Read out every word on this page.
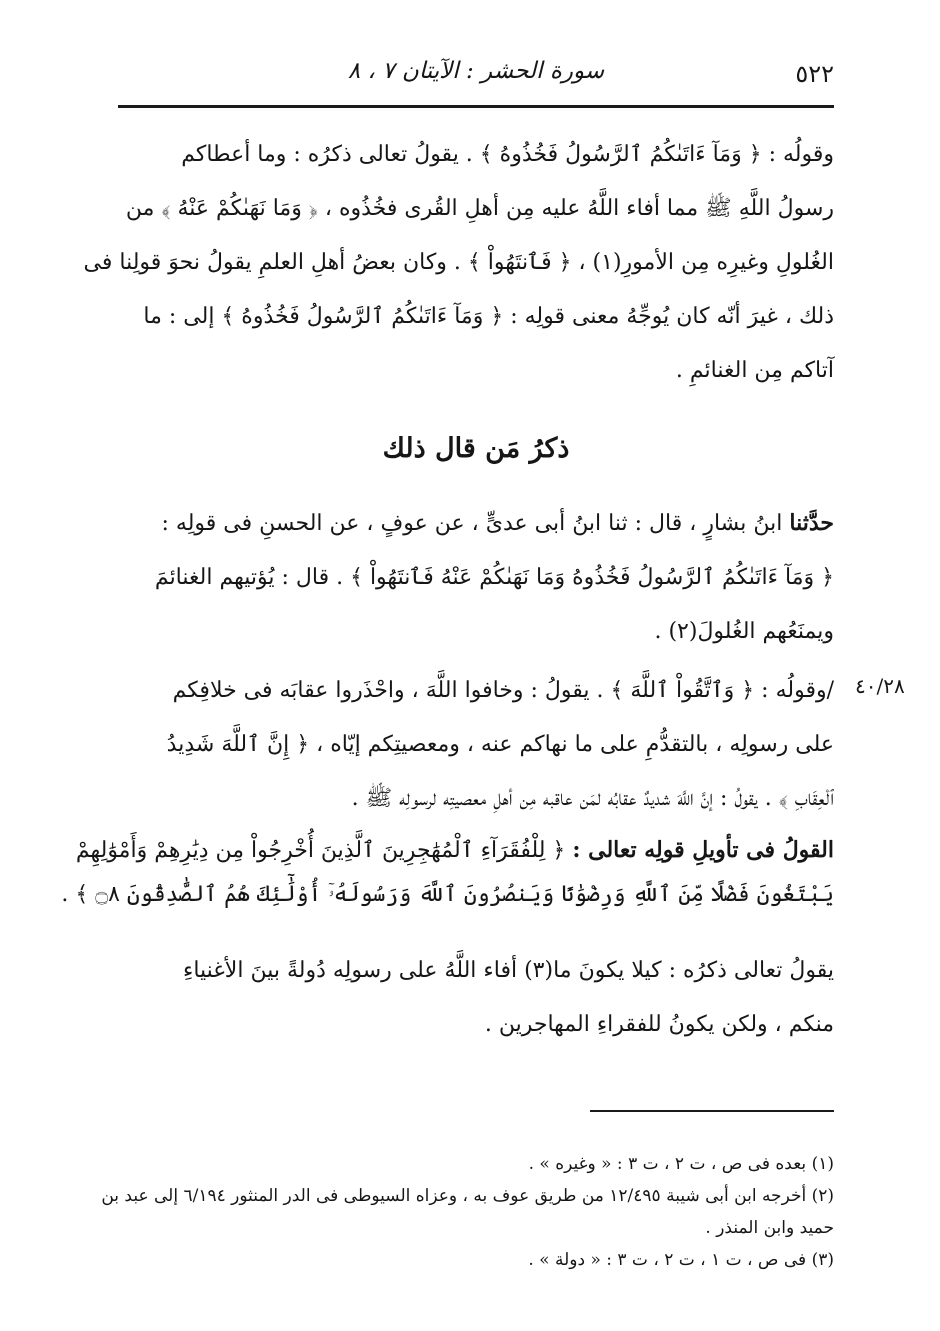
٥٢٢
سورة الحشر : الآيتان ٧ ، ٨
وقولُه : ﴿ وَمَآ ءَاتَىٰكُمُ ٱلرَّسُولُ فَخُذُوهُ ﴾ . يقولُ تعالى ذكرُه : وما أعطاكم
رسولُ اللَّهِ ﷺ مما أفاء اللَّهُ عليه مِن أهلِ القُرى فخُذُوه ، ﴿ وَمَا نَهَىٰكُمْ عَنْهُ ﴾ من
الغُلولِ وغيرِه مِن الأمورِ(١) ، ﴿ فَٱنتَهُواْ ﴾ . وكان بعضُ أهلِ العلمِ يقولُ نحوَ قولِنا فى
ذلك ، غيرَ أنّه كان يُوجِّهُ معنى قولِه : ﴿ وَمَآ ءَاتَىٰكُمُ ٱلرَّسُولُ فَخُذُوهُ ﴾ إلى : ما
آتاكم مِن الغنائمِ .
ذكرُ مَن قال ذلك
حدَّثنا ابنُ بشارٍ ، قال : ثنا ابنُ أبى عدىٍّ ، عن عوفٍ ، عن الحسنِ فى قولِه :
﴿ وَمَآ ءَاتَىٰكُمُ ٱلرَّسُولُ فَخُذُوهُ وَمَا نَهَىٰكُمْ عَنْهُ فَٱنتَهُواْ ﴾ . قال : يُؤتيهم الغنائمَ
ويمنَعُهم الغُلولَ(٢) .
٤٠/٢٨
/وقولُه : ﴿ وَٱتَّقُواْ ٱللَّهَ ﴾ . يقولُ : وخافوا اللَّهَ ، واحْذَروا عقابَه فى خلافِكم
على رسولِه ، بالتقدُّمِ على ما نهاكم عنه ، ومعصيتِكم إيّاه ، ﴿ إِنَّ ٱللَّهَ شَدِيدُ
ٱلْعِقَابِ ﴾ . يقولُ : إنَّ اللَّهَ شديدٌ عقابُه لمَن عاقبه مِن أهلِ معصيتِه لرسولِه ﷺ .
القولُ فى تأويلِ قولِه تعالى : ﴿ لِلْفُقَرَآءِ ٱلْمُهَٰجِرِينَ ٱلَّذِينَ أُخْرِجُواْ مِن دِيَٰرِهِمْ وَأَمْوَٰلِهِمْ
يَبْتَغُونَ فَضْلًا مِّنَ ٱللَّهِ وَرِضْوَٰنًا وَيَنصُرُونَ ٱللَّهَ وَرَسُولَهُۥٓ أُوْلَٰٓئِكَ هُمُ ٱلصَّٰدِقُونَ ۝٨ ﴾ .
يقولُ تعالى ذكرُه : كيلا يكونَ ما(٣) أفاء اللَّهُ على رسولِه دُولةً بينَ الأغنياءِ
منكم ، ولكن يكونُ للفقراءِ المهاجرين .
(١) بعده فى ص ، ت ٢ ، ت ٣ : « وغيره » .
(٢) أخرجه ابن أبى شيبة ١٢/٤٩٥ من طريق عوف به ، وعزاه السيوطى فى الدر المنثور ٦/١٩٤ إلى عبد بن
حميد وابن المنذر .
(٣) فى ص ، ت ١ ، ت ٢ ، ت ٣ : « دولة » .
